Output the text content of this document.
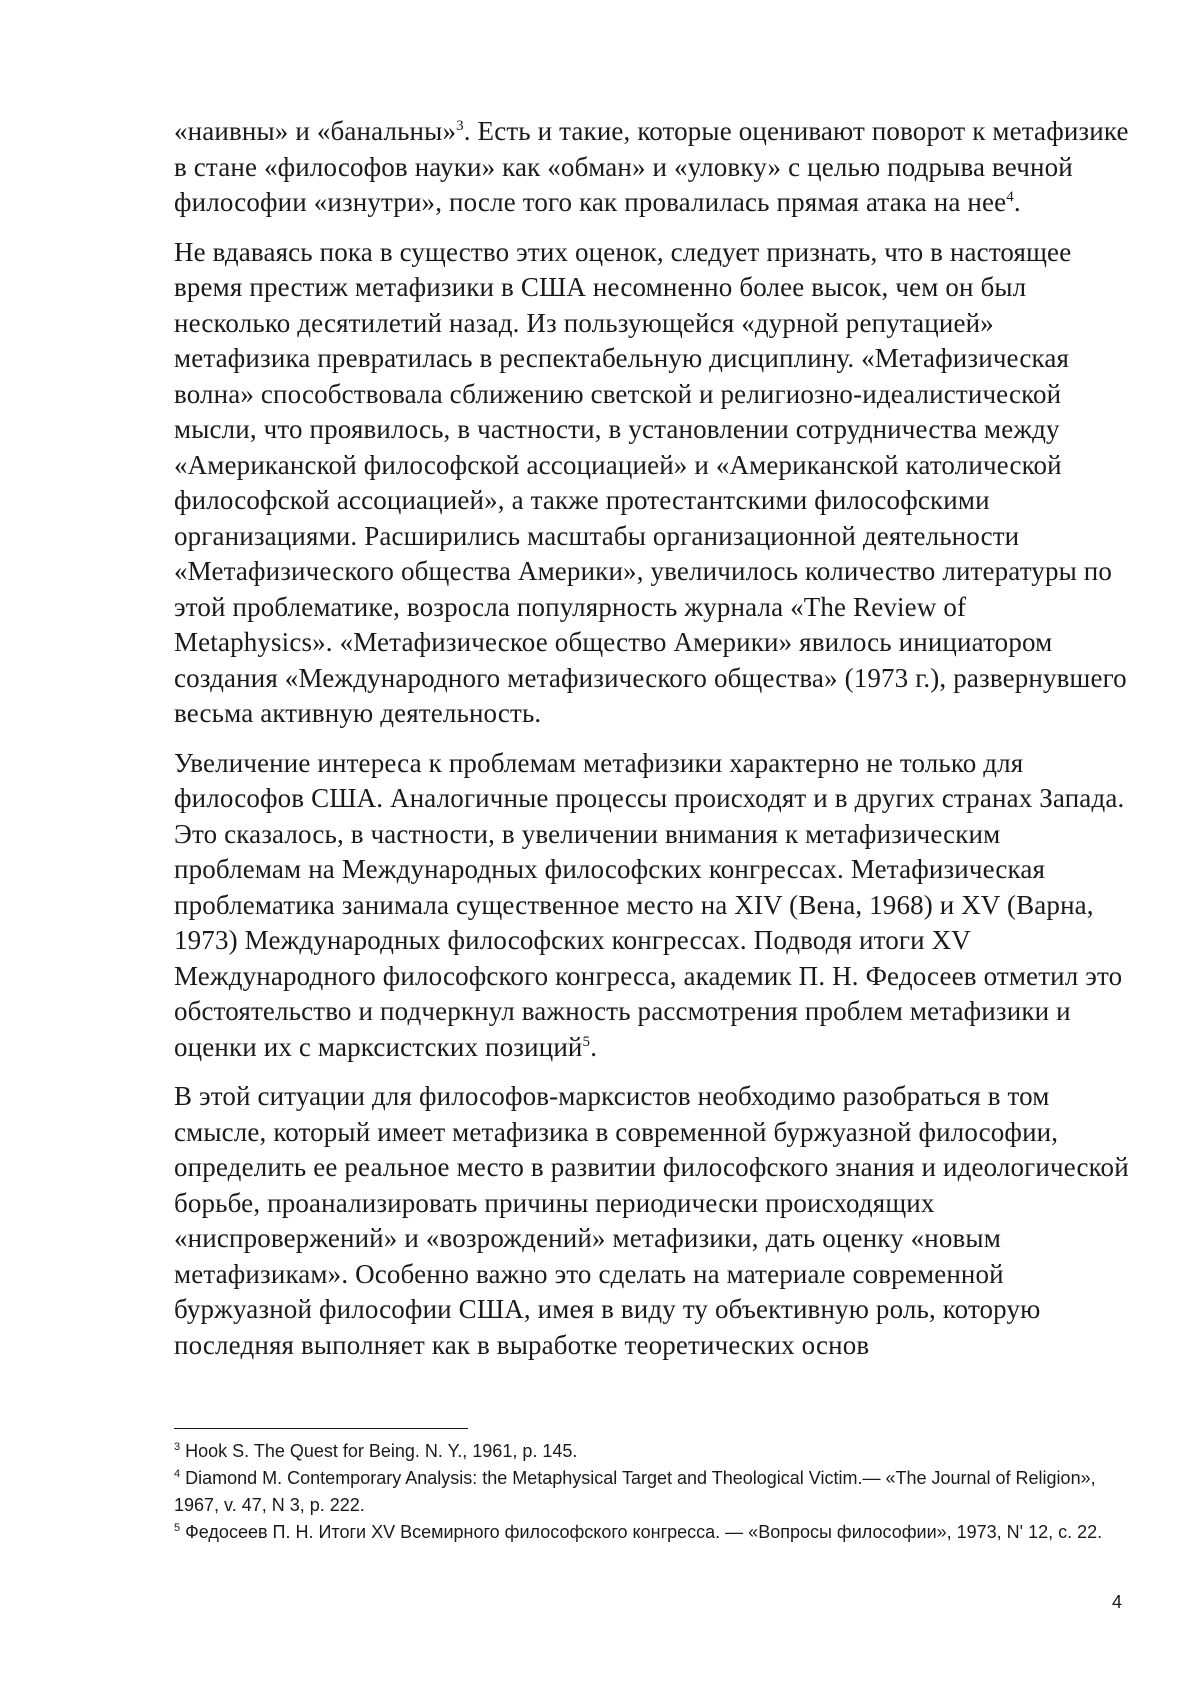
«наивны» и «банальны»$^3$. Есть и такие, которые оценивают поворот к метафизике в стане «философов науки» как «обман» и «уловку» с целью подрыва вечной философии «изнутри», после того как провалилась прямая атака на нее$^4$.

Не вдаваясь пока в существо этих оценок, следует признать, что в настоящее время престиж метафизики в США несомненно более высок, чем он был несколько десятилетий назад. Из пользующейся «дурной репутацией» метафизика превратилась в респектабельную дисциплину. «Метафизическая волна» способствовала сближению светской и религиозно-идеалистической мысли, что проявилось, в частности, в установлении сотрудничества между «Американской философской ассоциацией» и «Американской католической философской ассоциацией», а также протестантскими философскими организациями. Расширились масштабы организационной деятельности «Метафизического общества Америки», увеличилось количество литературы по этой проблематике, возросла популярность журнала «The Review of Metaphysics». «Метафизическое общество Америки» явилось инициатором создания «Международного метафизического общества» (1973 г.), развернувшего весьма активную деятельность.

Увеличение интереса к проблемам метафизики характерно не только для философов США. Аналогичные процессы происходят и в других странах Запада. Это сказалось, в частности, в увеличении внимания к метафизическим проблемам на Международных философских конгрессах. Метафизическая проблематика занимала существенное место на XIV (Вена, 1968) и XV (Варна, 1973) Международных философских конгрессах. Подводя итоги XV Международного философского конгресса, академик П. Н. Федосеев отметил это обстоятельство и подчеркнул важность рассмотрения проблем метафизики и оценки их с марксистских позиций$^5$.

В этой ситуации для философов-марксистов необходимо разобраться в том смысле, который имеет метафизика в современной буржуазной философии, определить ее реальное место в развитии философского знания и идеологической борьбе, проанализировать причины периодически происходящих «ниспровержений» и «возрождений» метафизики, дать оценку «новым метафизикам». Особенно важно это сделать на материале современной буржуазной философии США, имея в виду ту объективную роль, которую последняя выполняет как в выработке теоретических основ

$^3$ Hook S. The Quest for Being. N. Y., 1961, p. 145.
$^4$ Diamond M. Contemporary Analysis: the Metaphysical Target and Theological Victim.— «The Journal of Religion», 1967, v. 47, N 3, p. 222.
$^5$ Федосеев П. Н. Итоги XV Всемирного философского конгресса. — «Вопросы философии», 1973, N' 12, с. 22.
4
